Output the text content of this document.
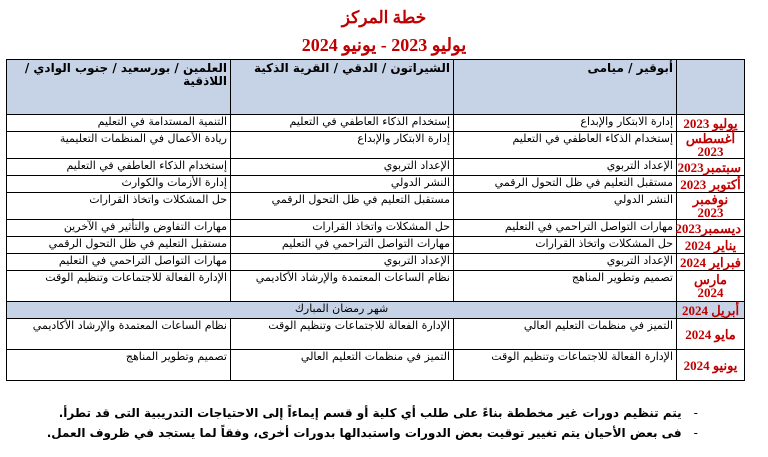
خطة المركز
يوليو 2023 - يونيو 2024
	أبوقير / ميامى	الشيراتون / الدقي / القرية الذكية	العلمين / بورسعيد / جنوب الوادي / اللاذقية
يوليو 2023	إدارة الابتكار والإبداع	إستخدام الذكاء العاطفي في التعليم	التنمية المستدامة في التعليم
أغسطس 2023	إستخدام الذكاء العاطفي في التعليم	إدارة الابتكار والإبداع	ريادة الأعمال في المنظمات التعليمية
سبتمبر2023	الإعداد التربوي	الإعداد التربوي	إستخدام الذكاء العاطفي في التعليم
أكتوبر 2023	مستقبل التعليم في ظل التحول الرقمي	النشر الدولي	إدارة الأزمات والكوارث
نوفمبر 2023	النشر الدولي	مستقبل التعليم في ظل التحول الرقمي	حل المشكلات واتخاذ القرارات
ديسمبر2023	مهارات التواصل التراحمي في التعليم	حل المشكلات واتخاذ القرارات	مهارات التفاوض والتأثير في الآخرين
يناير 2024	حل المشكلات واتخاذ القرارات	مهارات التواصل التراحمي في التعليم	مستقبل التعليم في ظل التحول الرقمي
فبراير 2024	الإعداد التربوي	الإعداد التربوي	مهارات التواصل التراحمي في التعليم
مارس 2024	تصميم وتطوير المناهج	نظام الساعات المعتمدة والإرشاد الأكاديمي	الإدارة الفعالة للاجتماعات وتنظيم الوقت
أبريل 2024	شهر رمضان المبارك		
مايو 2024	التميز في منظمات التعليم العالي	الإدارة الفعالة للاجتماعات وتنظيم الوقت	نظام الساعات المعتمدة والإرشاد الأكاديمي
يونيو 2024	الإدارة الفعالة للاجتماعات وتنظيم الوقت	التميز في منظمات التعليم العالي	تصميم وتطوير المناهج
-يتم تنظيم دورات غير مخططة بناءً على طلب أي كلية أو قسم إيماءاً إلى الاحتياجات التدريبية التى قد تطرأ.
-فى بعض الأحيان يتم تغيير توقيت بعض الدورات واستبدالها بدورات أخرى، وفقاً لما يستجد في ظروف العمل.
